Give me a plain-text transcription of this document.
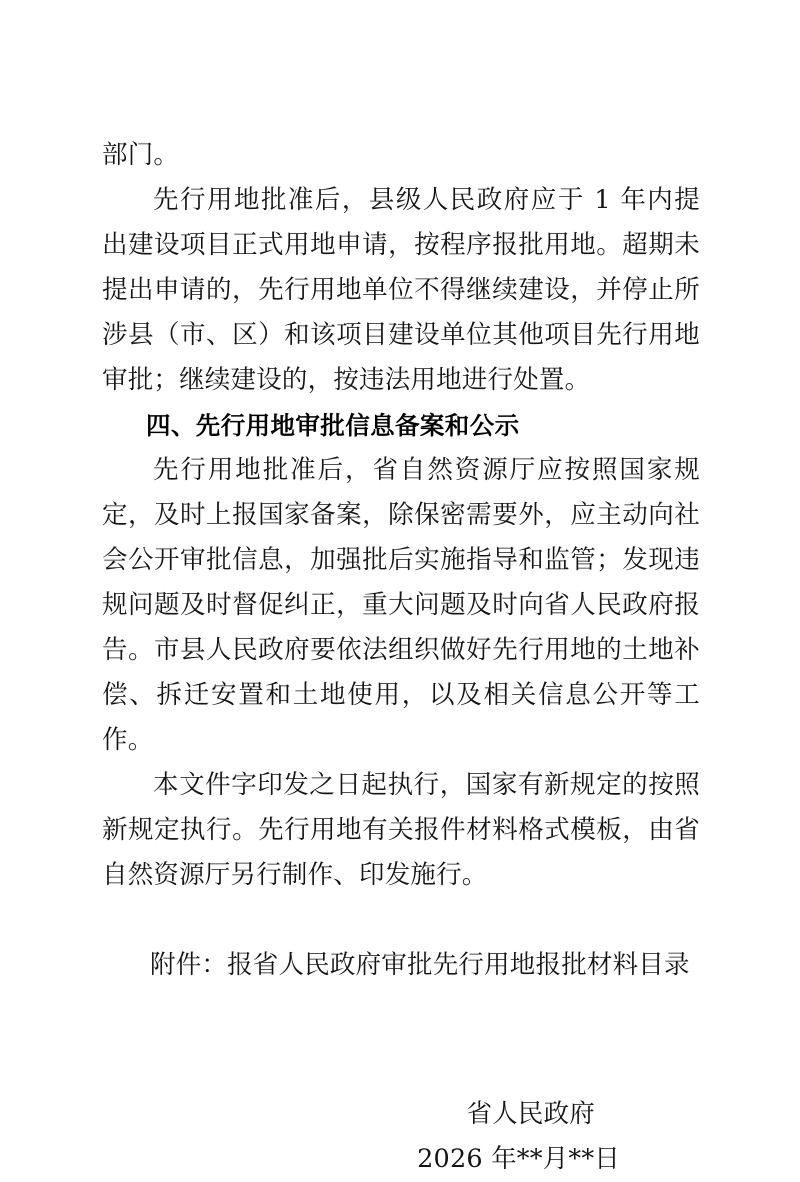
部门。

先行用地批准后，县级人民政府应于 1 年内提出建设项目正式用地申请，按程序报批用地。超期未提出申请的，先行用地单位不得继续建设，并停止所涉县（市、区）和该项目建设单位其他项目先行用地审批；继续建设的，按违法用地进行处置。

四、先行用地审批信息备案和公示

先行用地批准后，省自然资源厅应按照国家规定，及时上报国家备案，除保密需要外，应主动向社会公开审批信息，加强批后实施指导和监管；发现违规问题及时督促纠正，重大问题及时向省人民政府报告。市县人民政府要依法组织做好先行用地的土地补偿、拆迁安置和土地使用，以及相关信息公开等工作。

本文件字印发之日起执行，国家有新规定的按照新规定执行。先行用地有关报件材料格式模板，由省自然资源厅另行制作、印发施行。

附件：报省人民政府审批先行用地报批材料目录

省人民政府

2026 年**月**日
